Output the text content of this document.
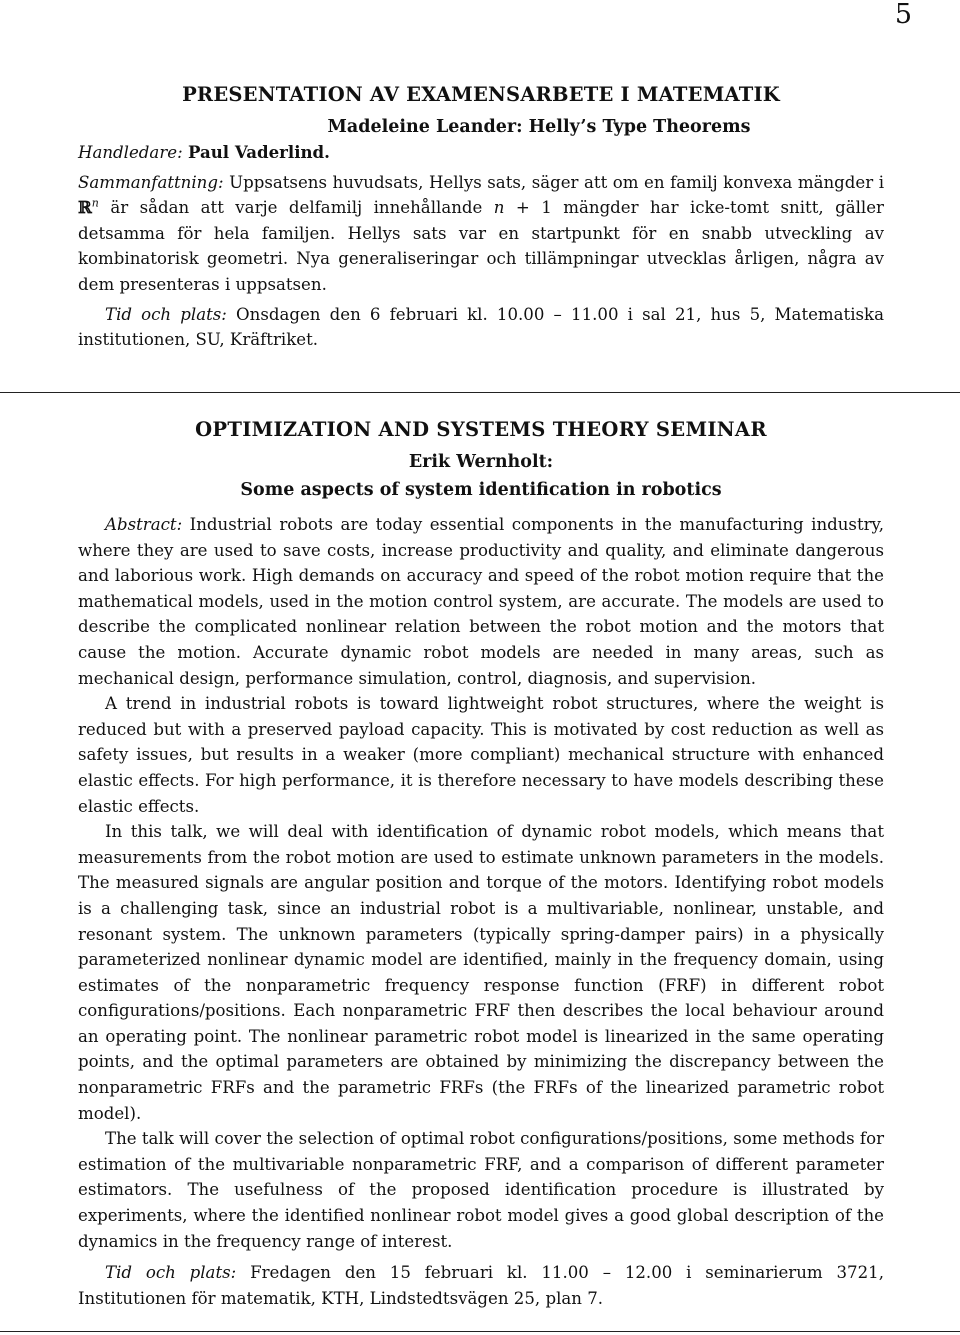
5
PRESENTATION AV EXAMENSARBETE I MATEMATIK
Madeleine Leander: Helly’s Type Theorems
Handledare: Paul Vaderlind.

Sammanfattning: Uppsatsens huvudsats, Hellys sats, säger att om en familj konvexa mängder i ℝ$^n$ är sådan att varje delfamilj innehållande n + 1 mängder har icke-tomt snitt, gäller detsamma för hela familjen. Hellys sats var en startpunkt för en snabb utveckling av kombinatorisk geometri. Nya generaliseringar och tillämpningar utvecklas årligen, några av dem presenteras i uppsatsen.

Tid och plats: Onsdagen den 6 februari kl. 10.00 – 11.00 i sal 21, hus 5, Matematiska institutionen, SU, Kräftriket.

OPTIMIZATION AND SYSTEMS THEORY SEMINAR
Erik Wernholt:
Some aspects of system identification in robotics

Abstract: Industrial robots are today essential components in the manufacturing industry, where they are used to save costs, increase productivity and quality, and eliminate dangerous and laborious work. High demands on accuracy and speed of the robot motion require that the mathematical models, used in the motion control system, are accurate. The models are used to describe the complicated nonlinear relation between the robot motion and the motors that cause the motion. Accurate dynamic robot models are needed in many areas, such as mechanical design, performance simulation, control, diagnosis, and supervision.

A trend in industrial robots is toward lightweight robot structures, where the weight is reduced but with a preserved payload capacity. This is motivated by cost reduction as well as safety issues, but results in a weaker (more compliant) mechanical structure with enhanced elastic effects. For high performance, it is therefore necessary to have models describing these elastic effects.

In this talk, we will deal with identification of dynamic robot models, which means that measurements from the robot motion are used to estimate unknown parameters in the models. The measured signals are angular position and torque of the motors. Identifying robot models is a challenging task, since an industrial robot is a multivariable, nonlinear, unstable, and resonant system. The unknown parameters (typically spring-damper pairs) in a physically parameterized nonlinear dynamic model are identified, mainly in the frequency domain, using estimates of the nonparametric frequency response function (FRF) in different robot configurations/positions. Each nonparametric FRF then describes the local behaviour around an operating point. The nonlinear parametric robot model is linearized in the same operating points, and the optimal parameters are obtained by minimizing the discrepancy between the nonparametric FRFs and the parametric FRFs (the FRFs of the linearized parametric robot model).

The talk will cover the selection of optimal robot configurations/positions, some methods for estimation of the multivariable nonparametric FRF, and a comparison of different parameter estimators. The usefulness of the proposed identification procedure is illustrated by experiments, where the identified nonlinear robot model gives a good global description of the dynamics in the frequency range of interest.

Tid och plats: Fredagen den 15 februari kl. 11.00 – 12.00 i seminarierum 3721, Institutionen för matematik, KTH, Lindstedtsvägen 25, plan 7.
